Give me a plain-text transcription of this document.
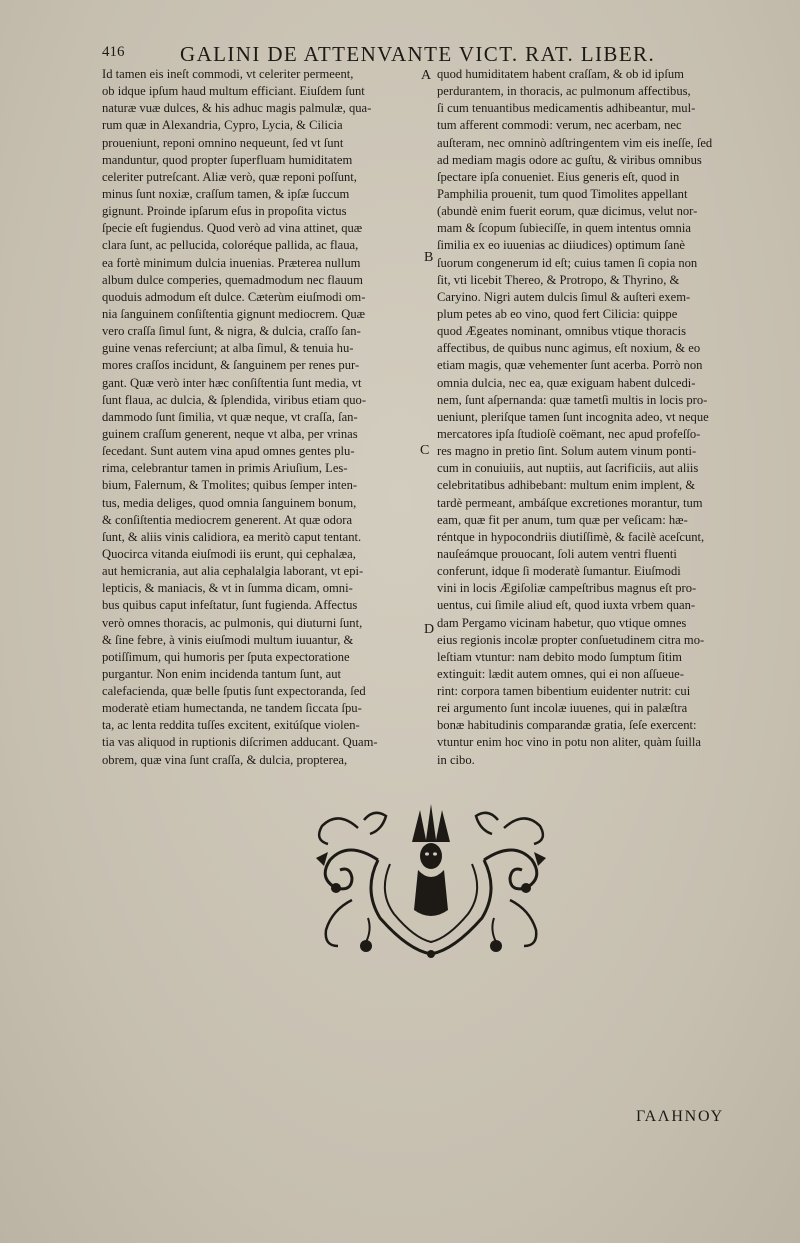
416	GALINI DE ATTENVANTE VICT. RAT. LIBER.
Id tamen eis ineſt commodi, vt celeriter permeent,
ob idque ipſum haud multum efficiant. Eiuſdem ſunt
naturæ vuæ dulces, & his adhuc magis palmulæ, qua-
rum quæ in Alexandria, Cypro, Lycia, & Cilicia
proueniunt, reponi omnino nequeunt, ſed vt ſunt
manduntur, quod propter ſuperfluam humiditatem
celeriter putreſcant. Aliæ verò, quæ reponi poſſunt,
minus ſunt noxiæ, craſſum tamen, & ipſæ ſuccum
gignunt. Proinde ipſarum eſus in propoſita victus
ſpecie eſt fugiendus. Quod verò ad vina attinet, quæ
clara ſunt, ac pellucida, coloréque pallida, ac flaua,
ea fortè minimum dulcia inuenias. Præterea nullum
album dulce comperies, quemadmodum nec flauum
quoduis admodum eſt dulce. Cæterùm eiuſmodi om-
nia ſanguinem conſiſtentia gignunt mediocrem. Quæ
vero craſſa ſimul ſunt, & nigra, & dulcia, craſſo ſan-
guine venas referciunt; at alba ſimul, & tenuia hu-
mores craſſos incidunt, & ſanguinem per renes pur-
gant. Quæ verò inter hæc conſiſtentia ſunt media, vt
ſunt flaua, ac dulcia, & ſplendida, viribus etiam quo-
dammodo ſunt ſimilia, vt quæ neque, vt craſſa, ſan-
guinem craſſum generent, neque vt alba, per vrinas
ſecedant. Sunt autem vina apud omnes gentes plu-
rima, celebrantur tamen in primis Ariuſium, Les-
bium, Falernum, & Tmolites; quibus ſemper inten-
tus, media deliges, quod omnia ſanguinem bonum,
& conſiſtentia mediocrem generent. At quæ odora
ſunt, & aliis vinis calidiora, ea meritò caput tentant.
Quocirca vitanda eiuſmodi iis erunt, qui cephalæa,
aut hemicrania, aut alia cephalalgia laborant, vt epi-
lepticis, & maniacis, & vt in ſumma dicam, omni-
bus quibus caput infeſtatur, ſunt fugienda. Affectus
verò omnes thoracis, ac pulmonis, qui diuturni ſunt,
& ſine febre, à vinis eiuſmodi multum iuuantur, &
potiſſimum, qui humoris per ſputa expectoratione
purgantur. Non enim incidenda tantum ſunt, aut
calefacienda, quæ belle ſputis ſunt expectoranda, ſed
moderatè etiam humectanda, ne tandem ſiccata ſpu-
ta, ac lenta reddita tuſſes excitent, exitúſque violen-
tia vas aliquod in ruptionis diſcrimen adducant. Quam-
obrem, quæ vina ſunt craſſa, & dulcia, propterea,
quod humiditatem habent craſſam, & ob id ipſum
perdurantem, in thoracis, ac pulmonum affectibus,
ſi cum tenuantibus medicamentis adhibeantur, mul-
tum afferent commodi: verum, nec acerbam, nec
auſteram, nec omninò adſtringentem vim eis ineſſe, ſed
ad mediam magis odore ac guſtu, & viribus omnibus
ſpectare ipſa conueniet. Eius generis eſt, quod in
Pamphilia prouenit, tum quod Timolites appellant
(abundè enim fuerit eorum, quæ dicimus, velut nor-
mam & ſcopum ſubieciſſe, in quem intentus omnia
ſimilia ex eo iuuenias ac diiudices) optimum ſanè
ſuorum congenerum id eſt; cuius tamen ſi copia non
ſit, vti licebit Thereo, & Protropo, & Thyrino, &
Caryino. Nigri autem dulcis ſimul & auſteri exem-
plum petes ab eo vino, quod fert Cilicia: quippe
quod Ægeates nominant, omnibus vtique thoracis
affectibus, de quibus nunc agimus, eſt noxium, & eo
etiam magis, quæ vehementer ſunt acerba. Porrò non
omnia dulcia, nec ea, quæ exiguam habent dulcedi-
nem, ſunt aſpernanda: quæ tametſi multis in locis pro-
ueniunt, pleriſque tamen ſunt incognita adeo, vt neque
mercatores ipſa ſtudioſè coëmant, nec apud profeſſo-
res magno in pretio ſint. Solum autem vinum ponti-
cum in conuiuiis, aut nuptiis, aut ſacrificiis, aut aliis
celebritatibus adhibebant: multum enim implent, &
tardè permeant, ambáſque excretiones morantur, tum
eam, quæ fit per anum, tum quæ per veſicam: hæ-
réntque in hypocondriis diutiſſimè, & facilè aceſcunt,
nauſeámque prouocant, ſoli autem ventri fluenti
conferunt, idque ſi moderatè ſumantur. Eiuſmodi
vini in locis Ægiſoliæ campeſtribus magnus eſt pro-
uentus, cui ſimile aliud eſt, quod iuxta vrbem quan-
dam Pergamo vicinam habetur, quo vtique omnes
eius regionis incolæ propter conſuetudinem citra mo-
leſtiam vtuntur: nam debito modo ſumptum ſitim
extinguit: lædit autem omnes, qui ei non aſſueue-
rint: corpora tamen bibentium euidenter nutrit: cui
rei argumento ſunt incolæ iuuenes, qui in palæſtra
bonæ habitudinis comparandæ gratia, ſeſe exercent:
vtuntur enim hoc vino in potu non aliter, quàm ſuilla
in cibo.
A
B
C
D
ΓΑΛΗΝΟΥ
